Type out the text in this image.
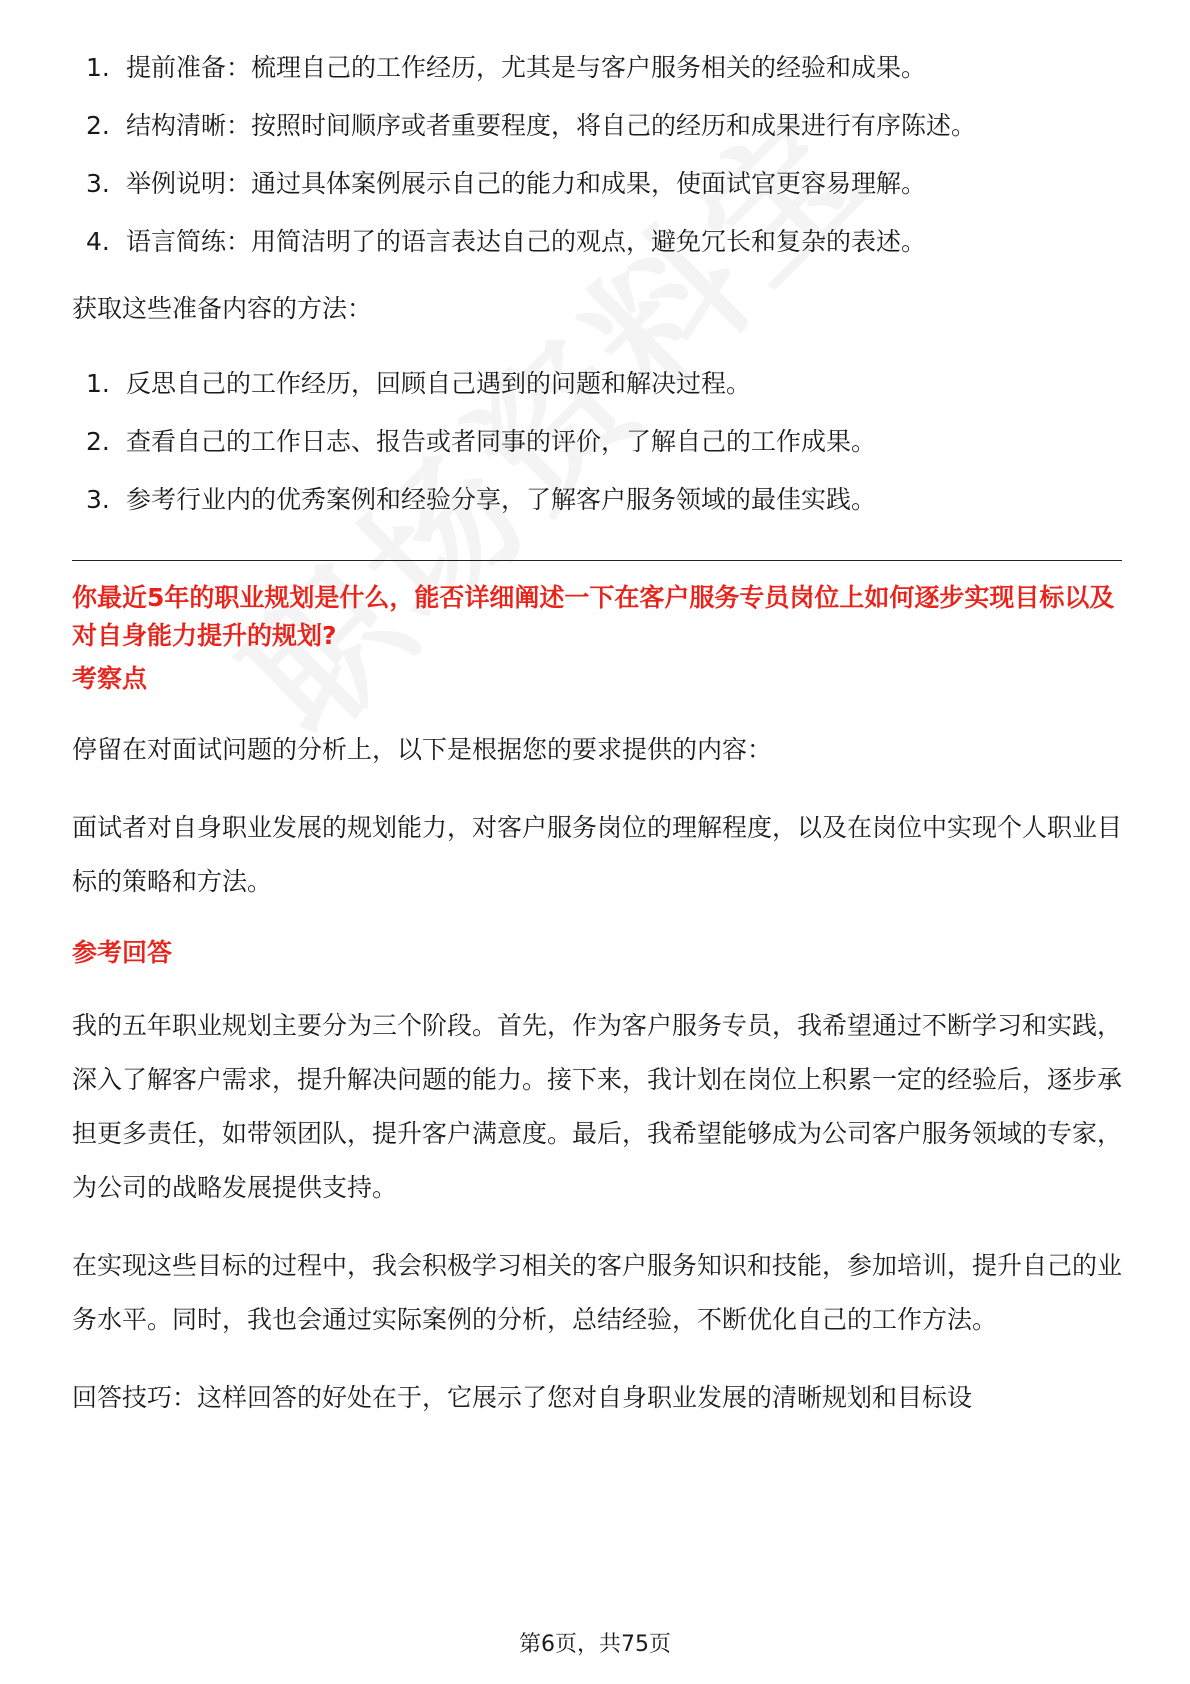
1. 提前准备：梳理自己的工作经历，尤其是与客户服务相关的经验和成果。
2. 结构清晰：按照时间顺序或者重要程度，将自己的经历和成果进行有序陈述。
3. 举例说明：通过具体案例展示自己的能力和成果，使面试官更容易理解。
4. 语言简练：用简洁明了的语言表达自己的观点，避免冗长和复杂的表述。

获取这些准备内容的方法：

1. 反思自己的工作经历，回顾自己遇到的问题和解决过程。
2. 查看自己的工作日志、报告或者同事的评价，了解自己的工作成果。
3. 参考行业内的优秀案例和经验分享，了解客户服务领域的最佳实践。

你最近5年的职业规划是什么，能否详细阐述一下在客户服务专员岗位上如何逐步实现目标以及对自身能力提升的规划?

考察点

停留在对面试问题的分析上，以下是根据您的要求提供的内容：

面试者对自身职业发展的规划能力，对客户服务岗位的理解程度，以及在岗位中实现个人职业目标的策略和方法。

参考回答

我的五年职业规划主要分为三个阶段。首先，作为客户服务专员，我希望通过不断学习和实践，深入了解客户需求，提升解决问题的能力。接下来，我计划在岗位上积累一定的经验后，逐步承担更多责任，如带领团队，提升客户满意度。最后，我希望能够成为公司客户服务领域的专家，为公司的战略发展提供支持。

在实现这些目标的过程中，我会积极学习相关的客户服务知识和技能，参加培训，提升自己的业务水平。同时，我也会通过实际案例的分析，总结经验，不断优化自己的工作方法。

回答技巧：这样回答的好处在于，它展示了您对自身职业发展的清晰规划和目标设

第6页，共75页
